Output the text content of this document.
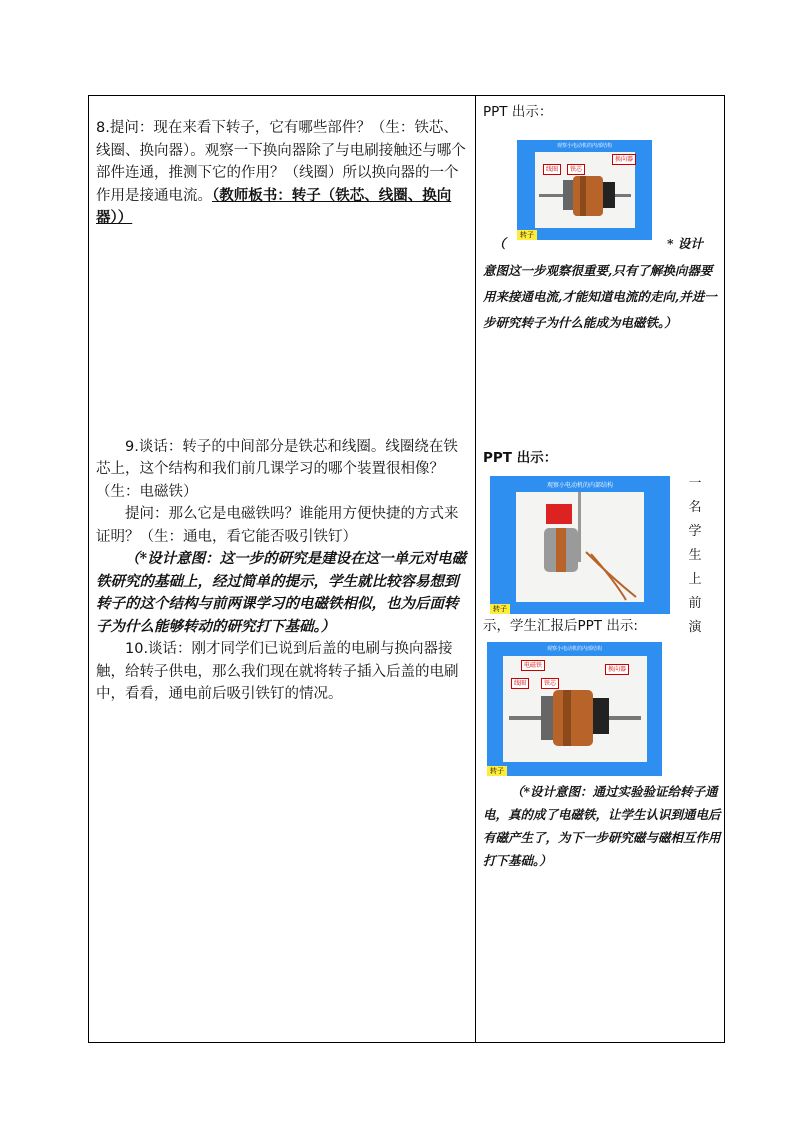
8.提问：现在来看下转子，它有哪些部件？（生：铁芯、线圈、换向器）。观察一下换向器除了与电刷接触还与哪个部件连通，推测下它的作用？（线圈）所以换向器的一个作用是接通电流。（教师板书：转子（铁芯、线圈、换向器））

9.谈话：转子的中间部分是铁芯和线圈。线圈绕在铁芯上，这个结构和我们前几课学习的哪个装置很相像？（生：电磁铁）

提问：那么它是电磁铁吗？谁能用方便快捷的方式来证明？（生：通电，看它能否吸引铁钉）

（*设计意图：这一步的研究是建设在这一单元对电磁铁研究的基础上，经过简单的提示，学生就比较容易想到转子的这个结构与前两课学习的电磁铁相似，也为后面转子为什么能够转动的研究打下基础。）

10.谈话：刚才同学们已说到后盖的电刷与换向器接触，给转子供电，那么我们现在就将转子插入后盖的电刷中，看看，通电前后吸引铁钉的情况。

PPT 出示：
观察小电动机的内部结构
线圈	铁芯
换向器
转子
（	* 设计
意图这一步观察很重要,只有了解换向器要用来接通电流,才能知道电流的走向,并进一步研究转子为什么能成为电磁铁。）
PPT 出示：
观察小电动机的内部结构
转子
一
名
学
生
上
前
演
示，学生汇报后PPT 出示:
观察小电动机的内部结构
电磁铁
线圈	铁芯
换向器
转子
（*设计意图：通过实验验证给转子通电，真的成了电磁铁，让学生认识到通电后有磁产生了，为下一步研究磁与磁相互作用打下基础。）
